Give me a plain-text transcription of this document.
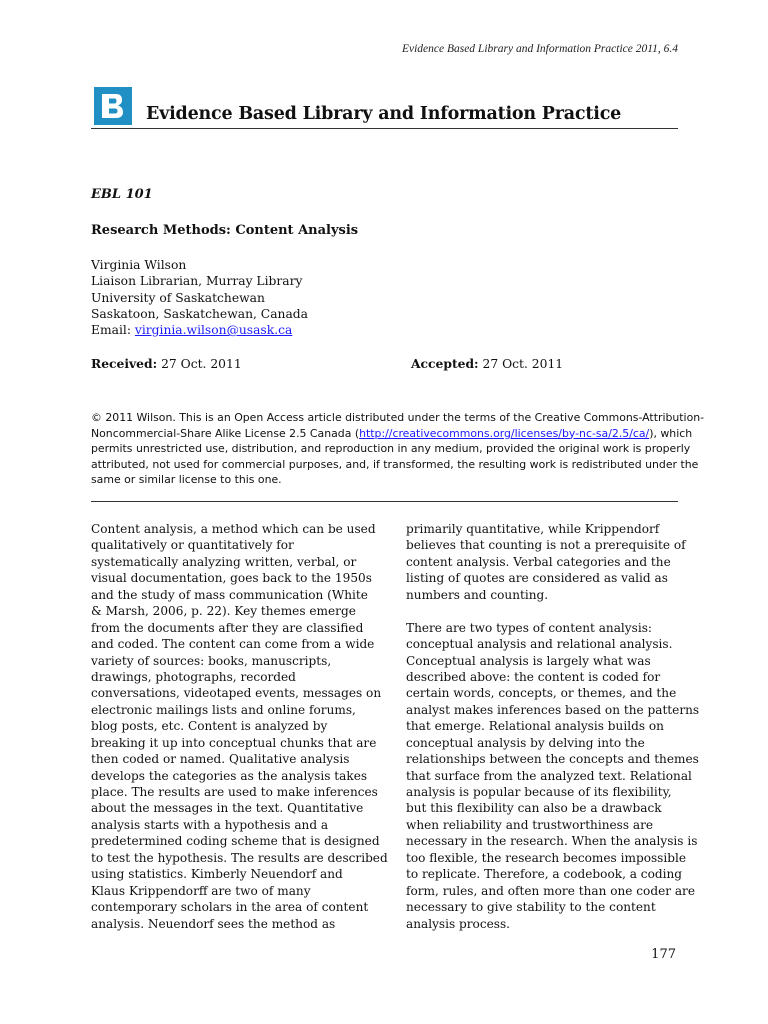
Evidence Based Library and Information Practice 2011, 6.4
Evidence Based Library and Information Practice
EBL 101
Research Methods: Content Analysis
Virginia Wilson
Liaison Librarian, Murray Library
University of Saskatchewan
Saskatoon, Saskatchewan, Canada
Email: virginia.wilson@usask.ca
Received: 27 Oct. 2011	Accepted: 27 Oct. 2011
© 2011 Wilson. This is an Open Access article distributed under the terms of the Creative Commons‐Attribution‐
Noncommercial‐Share Alike License 2.5 Canada (http://creativecommons.org/licenses/by-nc-sa/2.5/ca/), which
permits unrestricted use, distribution, and reproduction in any medium, provided the original work is properly
attributed, not used for commercial purposes, and, if transformed, the resulting work is redistributed under the
same or similar license to this one.
Content analysis, a method which can be used
qualitatively or quantitatively for
systematically analyzing written, verbal, or
visual documentation, goes back to the 1950s
and the study of mass communication (White
& Marsh, 2006, p. 22). Key themes emerge
from the documents after they are classified
and coded. The content can come from a wide
variety of sources: books, manuscripts,
drawings, photographs, recorded
conversations, videotaped events, messages on
electronic mailings lists and online forums,
blog posts, etc. Content is analyzed by
breaking it up into conceptual chunks that are
then coded or named. Qualitative analysis
develops the categories as the analysis takes
place. The results are used to make inferences
about the messages in the text. Quantitative
analysis starts with a hypothesis and a
predetermined coding scheme that is designed
to test the hypothesis. The results are described
using statistics. Kimberly Neuendorf and
Klaus Krippendorff are two of many
contemporary scholars in the area of content
analysis. Neuendorf sees the method as
primarily quantitative, while Krippendorf
believes that counting is not a prerequisite of
content analysis. Verbal categories and the
listing of quotes are considered as valid as
numbers and counting.
There are two types of content analysis:
conceptual analysis and relational analysis.
Conceptual analysis is largely what was
described above: the content is coded for
certain words, concepts, or themes, and the
analyst makes inferences based on the patterns
that emerge. Relational analysis builds on
conceptual analysis by delving into the
relationships between the concepts and themes
that surface from the analyzed text. Relational
analysis is popular because of its flexibility,
but this flexibility can also be a drawback
when reliability and trustworthiness are
necessary in the research. When the analysis is
too flexible, the research becomes impossible
to replicate. Therefore, a codebook, a coding
form, rules, and often more than one coder are
necessary to give stability to the content
analysis process.
177
